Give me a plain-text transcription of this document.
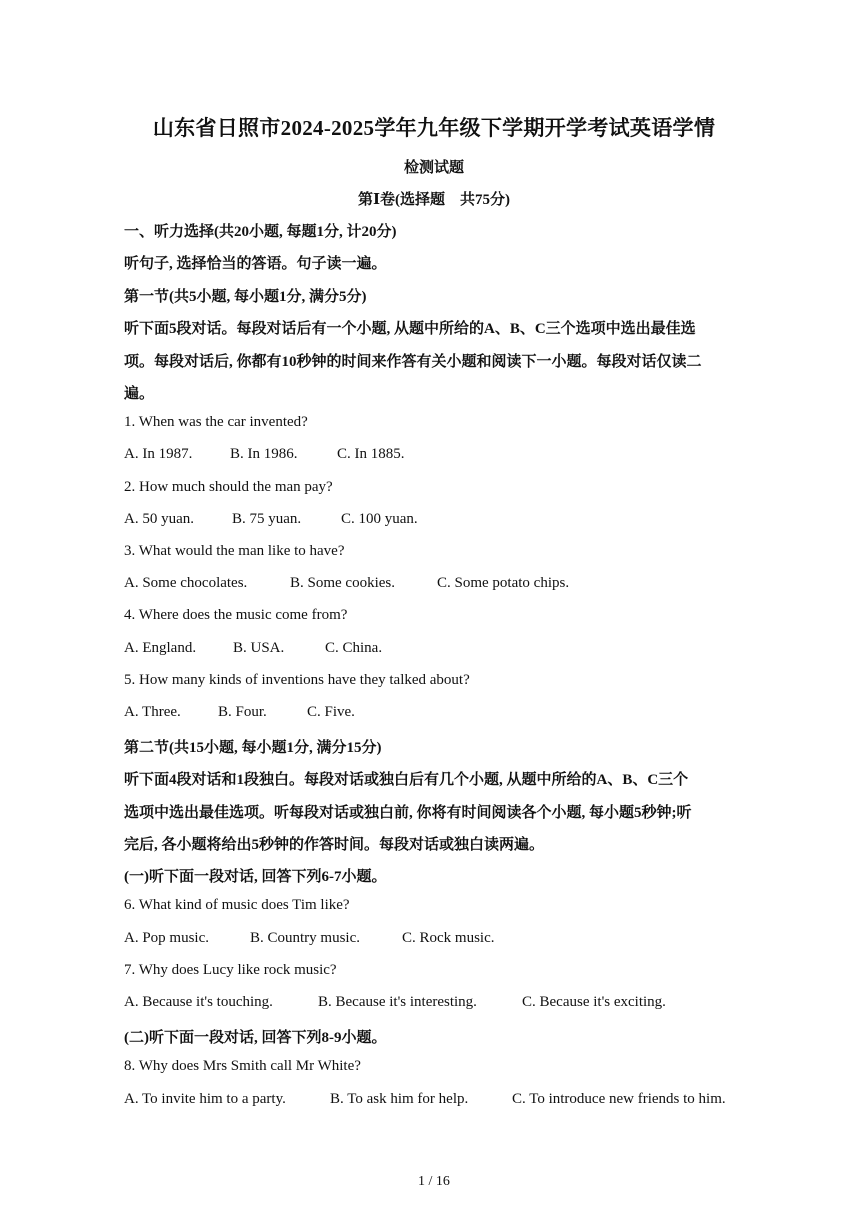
山东省日照市2024-2025学年九年级下学期开学考试英语学情
检测试题
第Ⅰ卷(选择题　共75分)
一、听力选择(共20小题, 每题1分, 计20分)
听句子, 选择恰当的答语。句子读一遍。
第一节(共5小题, 每小题1分, 满分5分)
听下面5段对话。每段对话后有一个小题, 从题中所给的A、B、C三个选项中选出最佳选
项。每段对话后, 你都有10秒钟的时间来作答有关小题和阅读下一小题。每段对话仅读二
遍。
1. When was the car invented?
A. In 1987.	B. In 1986.	C. In 1885.
2. How much should the man pay?
A. 50 yuan.	B. 75 yuan.	C. 100 yuan.
3. What would the man like to have?
A. Some chocolates.	B. Some cookies.	C. Some potato chips.
4. Where does the music come from?
A. England. B. USA.	C. China.
5. How many kinds of inventions have they talked about?
A. Three. B. Four.	C. Five.
第二节(共15小题, 每小题1分, 满分15分)
听下面4段对话和1段独白。每段对话或独白后有几个小题, 从题中所给的A、B、C三个
选项中选出最佳选项。听每段对话或独白前, 你将有时间阅读各个小题, 每小题5秒钟;听
完后, 各小题将给出5秒钟的作答时间。每段对话或独白读两遍。
(一)听下面一段对话, 回答下列6-7小题。
6. What kind of music does Tim like?
A. Pop music.	B. Country music.	C. Rock music.
7. Why does Lucy like rock music?
A. Because it's touching.	B. Because it's interesting.	C. Because it's exciting.
(二)听下面一段对话, 回答下列8-9小题。
8. Why does Mrs Smith call Mr White?
A. To invite him to a party.	B. To ask him for help.	C. To introduce new friends to him.
1 / 16
